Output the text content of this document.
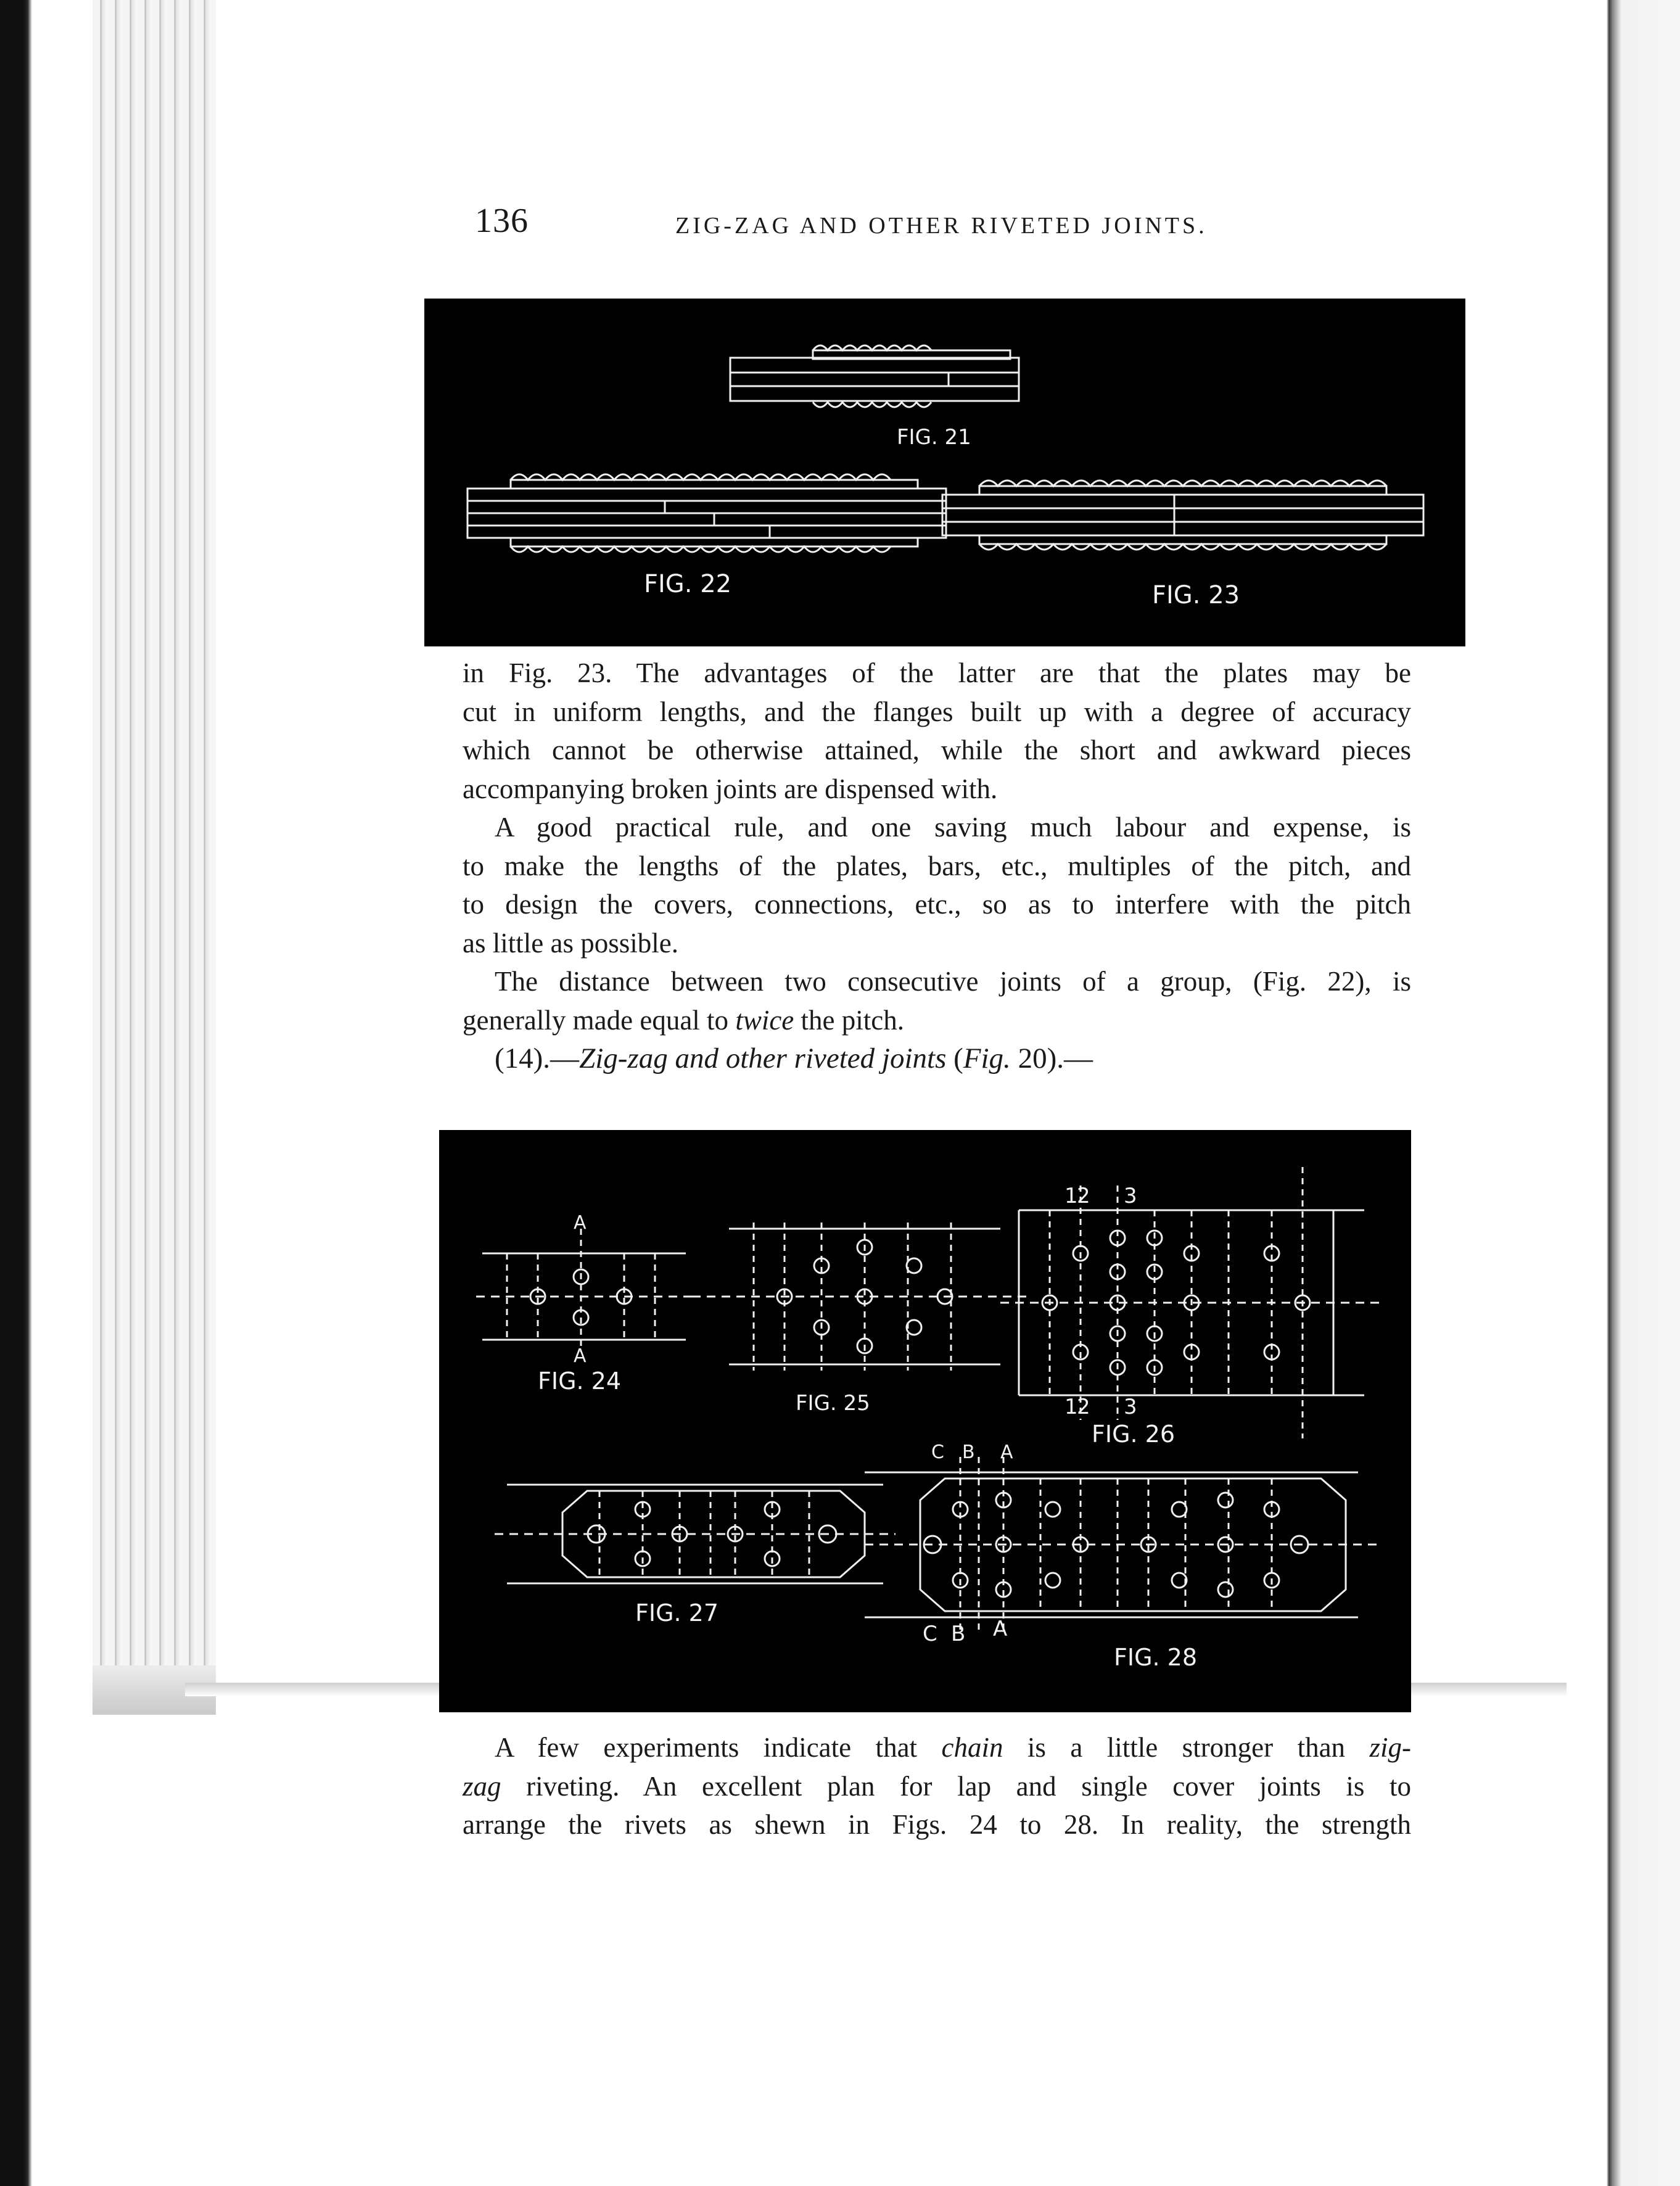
136	ZIG-ZAG AND OTHER RIVETED JOINTS.
FIG. 21
FIG. 22	FIG. 23

in Fig. 23. The advantages of the latter are that the plates may be

cut in uniform lengths, and the flanges built up with a degree of accuracy

which cannot be otherwise attained, while the short and awkward pieces

accompanying broken joints are dispensed with.

A good practical rule, and one saving much labour and expense, is

to make the lengths of the plates, bars, etc., multiples of the pitch, and

to design the covers, connections, etc., so as to interfere with the pitch

as little as possible.

The distance between two consecutive joints of a group, (Fig. 22), is

generally made equal to twice the pitch.

(14).—Zig-zag and other riveted joints (Fig. 20).—

A
A
FIG. 24
FIG. 25
1
2 3
1
2 3
FIG. 26
FIG. 27
C B A
C B A
FIG. 28

A few experiments indicate that chain is a little stronger than zig-

zag riveting. An excellent plan for lap and single cover joints is to

arrange the rivets as shewn in Figs. 24 to 28. In reality, the strength
